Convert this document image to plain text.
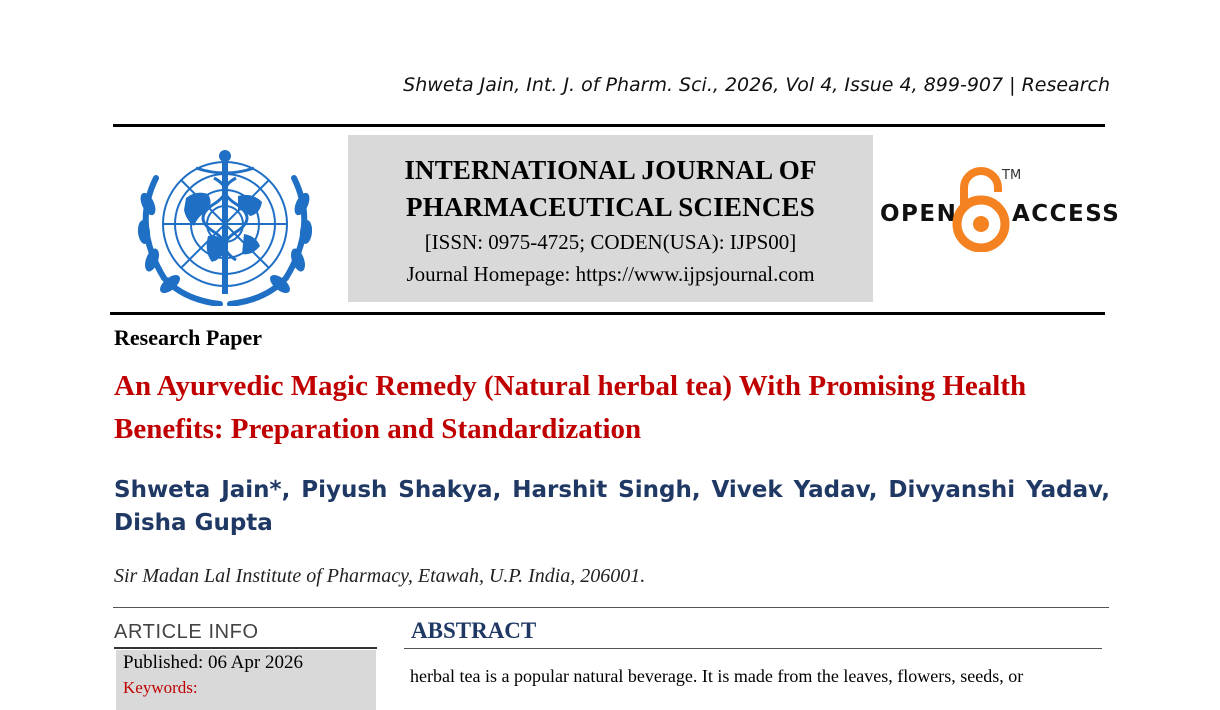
Shweta Jain, Int. J. of Pharm. Sci., 2026, Vol 4, Issue 4, 899-907 | Research
INTERNATIONAL JOURNAL OF
PHARMACEUTICAL SCIENCES
[ISSN: 0975-4725; CODEN(USA): IJPS00]
Journal Homepage: https://www.ijpsjournal.com
OPEN
TM
ACCESS
Research Paper
An Ayurvedic Magic Remedy (Natural herbal tea) With Promising Health Benefits: Preparation and Standardization
Shweta Jain*, Piyush Shakya, Harshit Singh, Vivek Yadav, Divyanshi Yadav, Disha Gupta
Sir Madan Lal Institute of Pharmacy, Etawah, U.P. India, 206001.
ARTICLE INFO
Published: 06 Apr 2026
Keywords:
ABSTRACT
herbal tea is a popular natural beverage. It is made from the leaves, flowers, seeds, or
